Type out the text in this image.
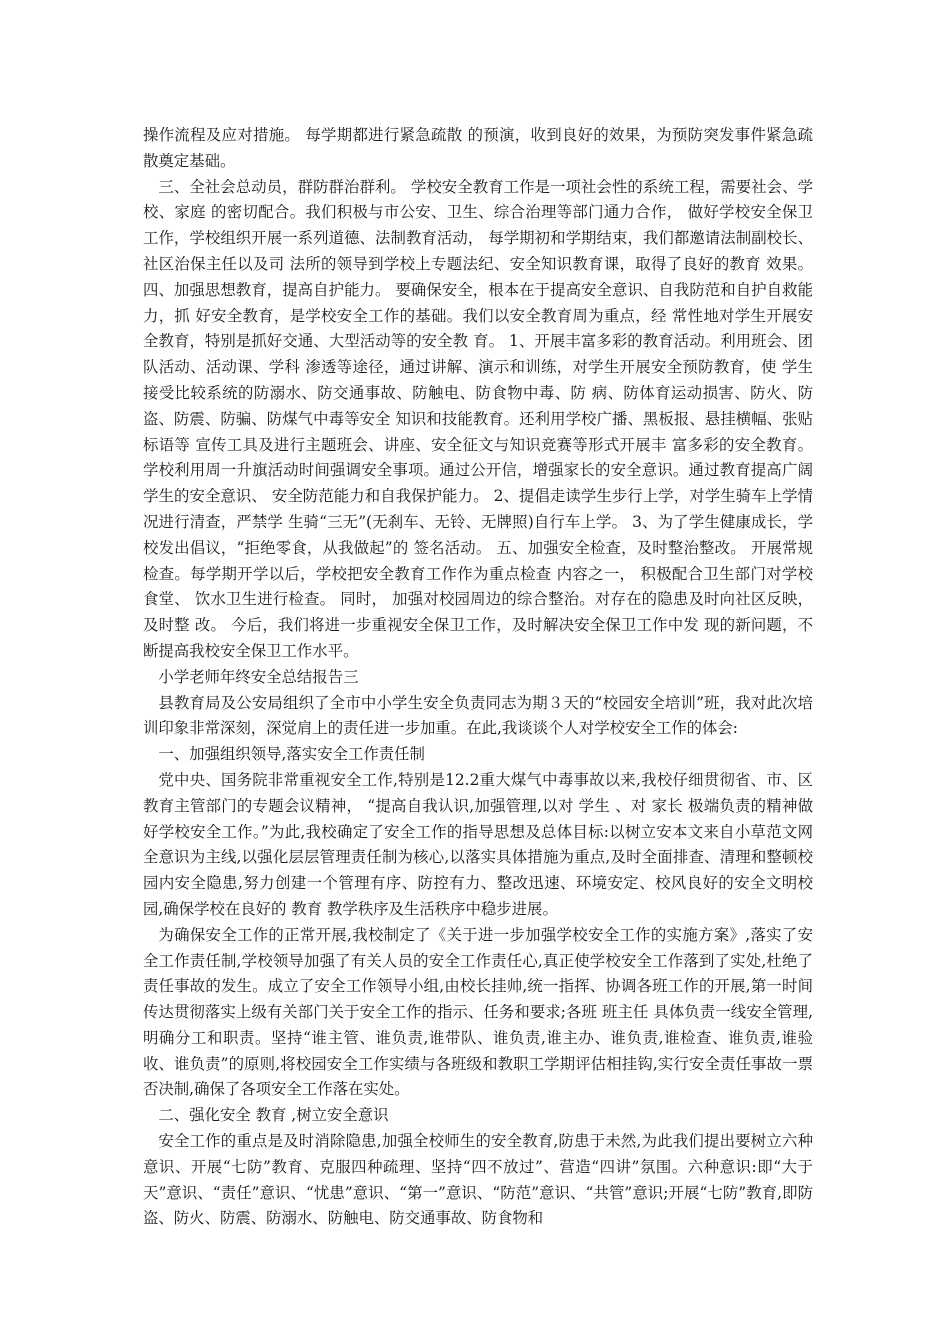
操作流程及应对措施。 每学期都进行紧急疏散 的预演，收到良好的效果，为预防突发事件紧急疏散奠定基础。

三、全社会总动员，群防群治群利。 学校安全教育工作是一项社会性的系统工程，需要社会、学校、家庭 的密切配合。我们积极与市公安、卫生、综合治理等部门通力合作， 做好学校安全保卫工作，学校组织开展一系列道德、法制教育活动， 每学期初和学期结束，我们都邀请法制副校长、社区治保主任以及司 法所的领导到学校上专题法纪、安全知识教育课，取得了良好的教育 效果。 四、加强思想教育，提高自护能力。 要确保安全，根本在于提高安全意识、自我防范和自护自救能力，抓 好安全教育，是学校安全工作的基础。我们以安全教育周为重点，经 常性地对学生开展安全教育，特别是抓好交通、大型活动等的安全教 育。 1、开展丰富多彩的教育活动。利用班会、团队活动、活动课、学科 渗透等途径，通过讲解、演示和训练，对学生开展安全预防教育，使 学生接受比较系统的防溺水、防交通事故、防触电、防食物中毒、防 病、防体育运动损害、防火、防盗、防震、防骗、防煤气中毒等安全 知识和技能教育。还利用学校广播、黑板报、悬挂横幅、张贴标语等 宣传工具及进行主题班会、讲座、安全征文与知识竞赛等形式开展丰 富多彩的安全教育。学校利用周一升旗活动时间强调安全事项。通过公开信，增强家长的安全意识。通过教育提高广阔学生的安全意识、 安全防范能力和自我保护能力。 2、提倡走读学生步行上学，对学生骑车上学情况进行清查，严禁学 生骑“三无”(无刹车、无铃、无牌照)自行车上学。 3、为了学生健康成长，学校发出倡议，“拒绝零食，从我做起”的 签名活动。 五、加强安全检查，及时整治整改。 开展常规检查。每学期开学以后，学校把安全教育工作作为重点检查 内容之一， 积极配合卫生部门对学校食堂、 饮水卫生进行检查。 同时， 加强对校园周边的综合整治。对存在的隐患及时向社区反映，及时整 改。 今后，我们将进一步重视安全保卫工作，及时解决安全保卫工作中发 现的新问题，不断提高我校安全保卫工作水平。

小学老师年终安全总结报告三

县教育局及公安局组织了全市中小学生安全负责同志为期３天的“校园安全培训”班，我对此次培训印象非常深刻，深觉肩上的责任进一步加重。在此,我谈谈个人对学校安全工作的体会:

一、加强组织领导,落实安全工作责任制

党中央、国务院非常重视安全工作,特别是12.2重大煤气中毒事故以来,我校仔细贯彻省、市、区教育主管部门的专题会议精神， “提高自我认识,加强管理,以对 学生 、对 家长 极端负责的精神做好学校安全工作。”为此,我校确定了安全工作的指导思想及总体目标:以树立安本文来自小草范文网全意识为主线,以强化层层管理责任制为核心,以落实具体措施为重点,及时全面排查、清理和整顿校园内安全隐患,努力创建一个管理有序、防控有力、整改迅速、环境安定、校风良好的安全文明校园,确保学校在良好的 教育 教学秩序及生活秩序中稳步进展。

为确保安全工作的正常开展,我校制定了《关于进一步加强学校安全工作的实施方案》,落实了安全工作责任制,学校领导加强了有关人员的安全工作责任心,真正使学校安全工作落到了实处,杜绝了责任事故的发生。成立了安全工作领导小组,由校长挂帅,统一指挥、协调各班工作的开展,第一时间传达贯彻落实上级有关部门关于安全工作的指示、任务和要求;各班 班主任 具体负责一线安全管理,明确分工和职责。坚持“谁主管、谁负责,谁带队、谁负责,谁主办、谁负责,谁检查、谁负责,谁验收、谁负责”的原则,将校园安全工作实绩与各班级和教职工学期评估相挂钩,实行安全责任事故一票否决制,确保了各项安全工作落在实处。

二、强化安全 教育 ,树立安全意识

安全工作的重点是及时消除隐患,加强全校师生的安全教育,防患于未然,为此我们提出要树立六种意识、开展“七防”教育、克服四种疏理、坚持“四不放过”、营造“四讲”氛围。六种意识:即“大于天”意识、“责任”意识、“忧患”意识、“第一”意识、“防范”意识、“共管”意识;开展“七防”教育,即防盗、防火、防震、防溺水、防触电、防交通事故、防食物和
